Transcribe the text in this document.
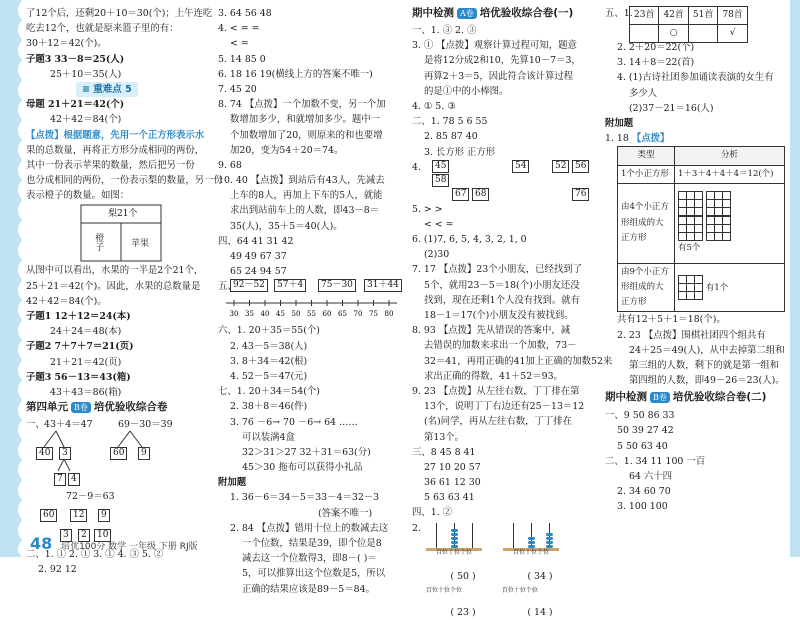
了12个后，还剩20＋10＝30(个)；上午连吃
吃去12个，也就是原来篮子里的有：
30＋12＝42(个)。
子题3 33－8＝25(人)
25＋10＝35(人)
≡ 重难点 5
母题 21＋21＝42(个)
42＋42＝84(个)
【点拨】根据题意，先用一个正方形表示水
果的总数量，再将正方形分成相同的两份，
其中一份表示苹果的数量，然后把另一份
也分成相同的两份，一份表示梨的数量，另一份
表示橙子的数量。如图：
梨21个
橙子	苹果
从图中可以看出，水果的一半是2个21个，
25＋21＝42(个)。因此，水果的总数量是
42＋42＝84(个)。
子题1 12＋12＝24(本)
24＋24＝48(本)
子题2 7＋7＋7＝21(页)
21＋21＝42(页)
子题3 56－13＝43(箱)
43＋43＝86(箱)
第四单元 B卷 培优验收综合卷
一、 43＋4＝47
40	3
7 4
69－30＝39
60	9
72－9＝63
60	12	9
3	2	10
二、1. ① 2. ① 3. ① 4. ③ 5. ②
2. 92 12
3. 64 56 48
4. < = =
< =
5. 14 85 0
6. 18 16 19(横线上方的答案不唯一)
7. 45 20
8. 74 【点拨】一个加数不变，另一个加
数增加多少，和就增加多少。题中一
个加数增加了20，则原来的和也要增
加20，变为54＋20＝74。
9. 68
10. 40 【点拨】到站后有43人，先减去
上车的8人，再加上下车的5人，就能
求出到站前车上的人数，即43－8＝
35(人)，35＋5＝40(人)。
四、64 41 31 42
49 49 67 37
65 24 94 57
五、
92－52	57＋4	75－30	31＋44
30 35 40 45 50 55 60 65 70 75 80
六、1. 20＋35＝55(个)
2. 43－5＝38(人)
3. 8＋34＝42(根)
4. 52－5＝47(元)
七、1. 20＋34＝54(个)
2. 38＋8＝46(件)
3. 76 －6→ 70 －6→ 64 ……
可以装满4盒
32＞31＞27 32＋31＝63(分)
45＞30 拖布可以获得小礼品
附加题
1. 36－6＝34－5＝33－4＝32－3
(答案不唯一)
2. 84 【点拨】错用十位上的数减去这
一个位数，结果是39，即个位是8
减去这一个位数得3，即8－( )＝
5，可以推算出这个位数是5，所以
正确的结果应该是89－5＝84。
期中检测 A卷 培优验收综合卷(一)
一、1. ③ 2. ③
3. ① 【点拨】观察计算过程可知，题意
是将12分成2和10，先算10－7＝3，
再算2＋3＝5，因此符合该计算过程
的是①中的小棒图。
4. ① 5. ③
二、1. 78 5 6 55
2. 85 87 40
3. 长方形 正方形
4.	45	54	52 56
58
67 68	76
5. > >
< < =
6. (1)7, 6, 5, 4, 3, 2, 1, 0
(2)30
7. 17 【点拨】23个小朋友，已经找到了
5个，就用23－5＝18(个)小朋友还没
找到，现在还剩1个人没有找到。就有
18－1＝17(个)小朋友没有被找到。
8. 93 【点拨】先从错误的答案中，减
去错误的加数来求出一个加数，73－
32＝41，再用正确的41加上正确的加数52来
求出正确的得数，41＋52＝93。
9. 23 【点拨】从左往右数，丁丁排在第
13个，说明丁丁右边还有25－13＝12
(名)同学，再从左往右数，丁丁排在
第13个。
三、8 45 8 41
27 10 20 57
36 61 12 30
5 63 63 41
四、1. ②
2.
百位十位个位
	百位十位个位
( 50 )	( 34 )
百位十位个位	百位十位个位
( 23 )	( 14 )
五、1. 23首	42首	51首	78首
	○		√
2. 2＋20＝22(个)
3. 14＋8＝22(首)
4. (1)古诗社团参加诵读表演的女生有
多少人
(2)37－21＝16(人)
附加题
1. 18 【点拨】
类型	分析
1个小正方形	1＋3＋4＋4＋4＝12(个)
由4个小正方形组成的大正方形	有5个
由9个小正方形组成的大正方形	有1个
共有12＋5＋1＝18(个)。
2. 23 【点拨】围棋社团四个组共有
24＋25＝49(人)，从中去掉第二组和
第三组的人数，剩下的就是第一组和
第四组的人数，即49－26＝23(人)。
期中检测 B卷 培优验收综合卷(二)
一、9 50 86 33
50 39 27 42
5 50 63 40
二、1. 34 11 100 一百
64 六十四
2. 34 60 70
3. 100 100
48 培优100分 数学 一年级 下册 RJ版
